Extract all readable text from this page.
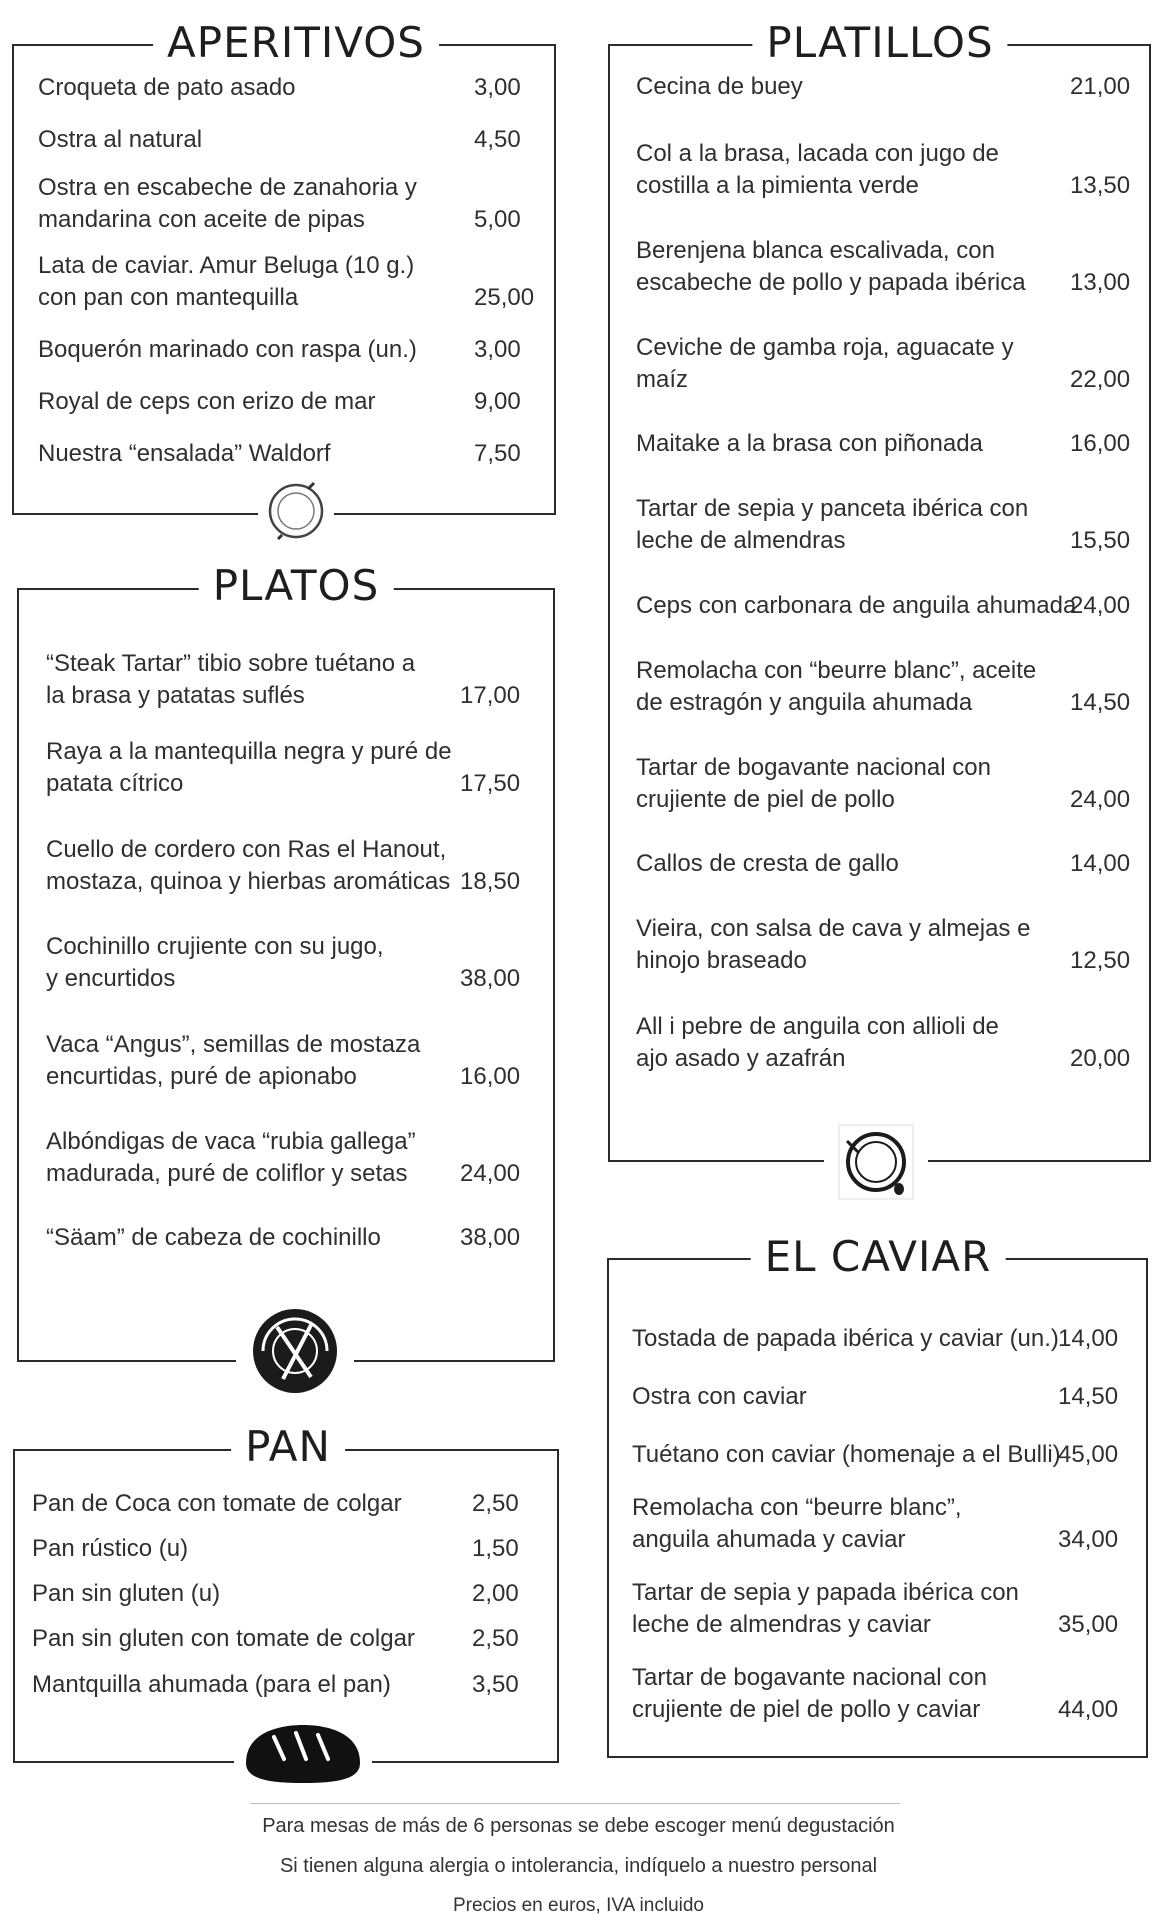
APERITIVOS
Croqueta de pato asado	3,00
Ostra al natural	4,50
Ostra en escabeche de zanahoria y
mandarina con aceite de pipas	5,00
Lata de caviar. Amur Beluga (10 g.)
con pan con mantequilla	25,00
Boquerón marinado con raspa (un.) 3,00
Royal de ceps con erizo de mar	9,00
Nuestra “ensalada” Waldorf	7,50
PLATOS
“Steak Tartar” tibio sobre tuétano a
la brasa y patatas suflés	17,00
Raya a la mantequilla negra y puré de
patata cítrico	17,50
Cuello de cordero con Ras el Hanout,
mostaza, quinoa y hierbas aromáticas 18,50
Cochinillo crujiente con su jugo,
y encurtidos	38,00
Vaca “Angus”, semillas de mostaza
encurtidas, puré de apionabo	16,00
Albóndigas de vaca “rubia gallega”
madurada, puré de coliflor y setas	24,00
“Säam” de cabeza de cochinillo	38,00
PAN
Pan de Coca con tomate de colgar	2,50
Pan rústico (u)	1,50
Pan sin gluten (u)	2,00
Pan sin gluten con tomate de colgar 2,50
Mantquilla ahumada (para el pan)	3,50
PLATILLOS
Cecina de buey	21,00
Col a la brasa, lacada con jugo de
costilla a la pimienta verde	13,50
Berenjena blanca escalivada, con
escabeche de pollo y papada ibérica 13,00
Ceviche de gamba roja, aguacate y
maíz	22,00
Maitake a la brasa con piñonada	16,00
Tartar de sepia y panceta ibérica con
leche de almendras	15,50
Ceps con carbonara de anguila ahumada
24,00
Remolacha con “beurre blanc”, aceite
de estragón y anguila ahumada	14,50
Tartar de bogavante nacional con
crujiente de piel de pollo	24,00
Callos de cresta de gallo	14,00
Vieira, con salsa de cava y almejas e
hinojo braseado	12,50
All i pebre de anguila con allioli de
ajo asado y azafrán	20,00
EL CAVIAR
Tostada de papada ibérica y caviar (un.) 14,00
Ostra con caviar	14,50
Tuétano con caviar (homenaje a el Bulli)
45,00
Remolacha con “beurre blanc”,
anguila ahumada y caviar	34,00
Tartar de sepia y papada ibérica con
leche de almendras y caviar	35,00
Tartar de bogavante nacional con
crujiente de piel de pollo y caviar	44,00
Para mesas de más de 6 personas se debe escoger menú degustación
Si tienen alguna alergia o intolerancia, indíquelo a nuestro personal
Precios en euros, IVA incluido
